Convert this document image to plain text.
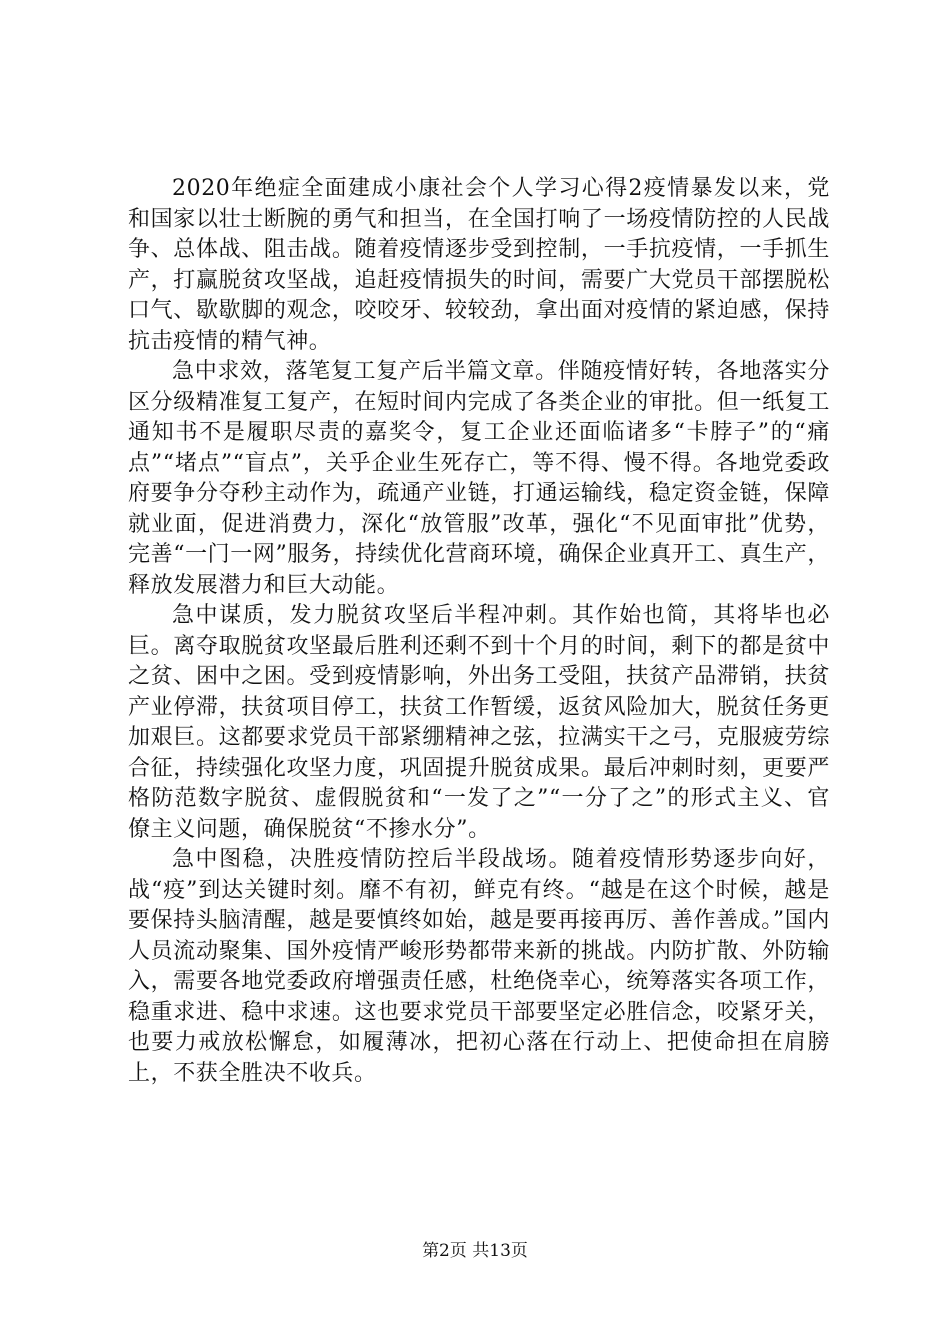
2020年绝症全面建成小康社会个人学习心得2疫情暴发以来，党和国家以壮士断腕的勇气和担当，在全国打响了一场疫情防控的人民战争、总体战、阻击战。随着疫情逐步受到控制，一手抗疫情，一手抓生产，打赢脱贫攻坚战，追赶疫情损失的时间，需要广大党员干部摆脱松口气、歇歇脚的观念，咬咬牙、较较劲，拿出面对疫情的紧迫感，保持抗击疫情的精气神。

急中求效，落笔复工复产后半篇文章。伴随疫情好转，各地落实分区分级精准复工复产，在短时间内完成了各类企业的审批。但一纸复工通知书不是履职尽责的嘉奖令，复工企业还面临诸多“卡脖子”的“痛点”“堵点”“盲点”，关乎企业生死存亡，等不得、慢不得。各地党委政府要争分夺秒主动作为，疏通产业链，打通运输线，稳定资金链，保障就业面，促进消费力，深化“放管服”改革，强化“不见面审批”优势，完善“一门一网”服务，持续优化营商环境，确保企业真开工、真生产，释放发展潜力和巨大动能。

急中谋质，发力脱贫攻坚后半程冲刺。其作始也简，其将毕也必巨。离夺取脱贫攻坚最后胜利还剩不到十个月的时间，剩下的都是贫中之贫、困中之困。受到疫情影响，外出务工受阻，扶贫产品滞销，扶贫产业停滞，扶贫项目停工，扶贫工作暂缓，返贫风险加大，脱贫任务更加艰巨。这都要求党员干部紧绷精神之弦，拉满实干之弓，克服疲劳综合征，持续强化攻坚力度，巩固提升脱贫成果。最后冲刺时刻，更要严格防范数字脱贫、虚假脱贫和“一发了之”“一分了之”的形式主义、官僚主义问题，确保脱贫“不掺水分”。

急中图稳，决胜疫情防控后半段战场。随着疫情形势逐步向好，战“疫”到达关键时刻。靡不有初，鲜克有终。“越是在这个时候，越是要保持头脑清醒，越是要慎终如始，越是要再接再厉、善作善成。”国内人员流动聚集、国外疫情严峻形势都带来新的挑战。内防扩散、外防输入，需要各地党委政府增强责任感，杜绝侥幸心，统筹落实各项工作，稳重求进、稳中求速。这也要求党员干部要坚定必胜信念，咬紧牙关，也要力戒放松懈怠，如履薄冰，把初心落在行动上、把使命担在肩膀上，不获全胜决不收兵。

第2页 共13页
